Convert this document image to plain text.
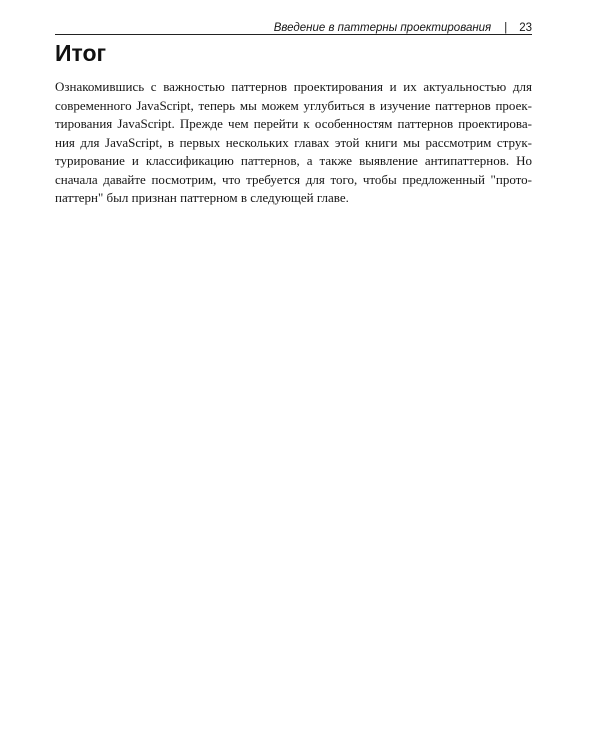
Введение в паттерны проектирования | 23
Итог
Ознакомившись с важностью паттернов проектирования и их актуальностью для
современного JavaScript, теперь мы можем углубиться в изучение паттернов проек-
тирования JavaScript. Прежде чем перейти к особенностям паттернов проектирова-
ния для JavaScript, в первых нескольких главах этой книги мы рассмотрим струк-
турирование и классификацию паттернов, а также выявление антипаттернов. Но
сначала давайте посмотрим, что требуется для того, чтобы предложенный "прото-
паттерн" был признан паттерном в следующей главе.
